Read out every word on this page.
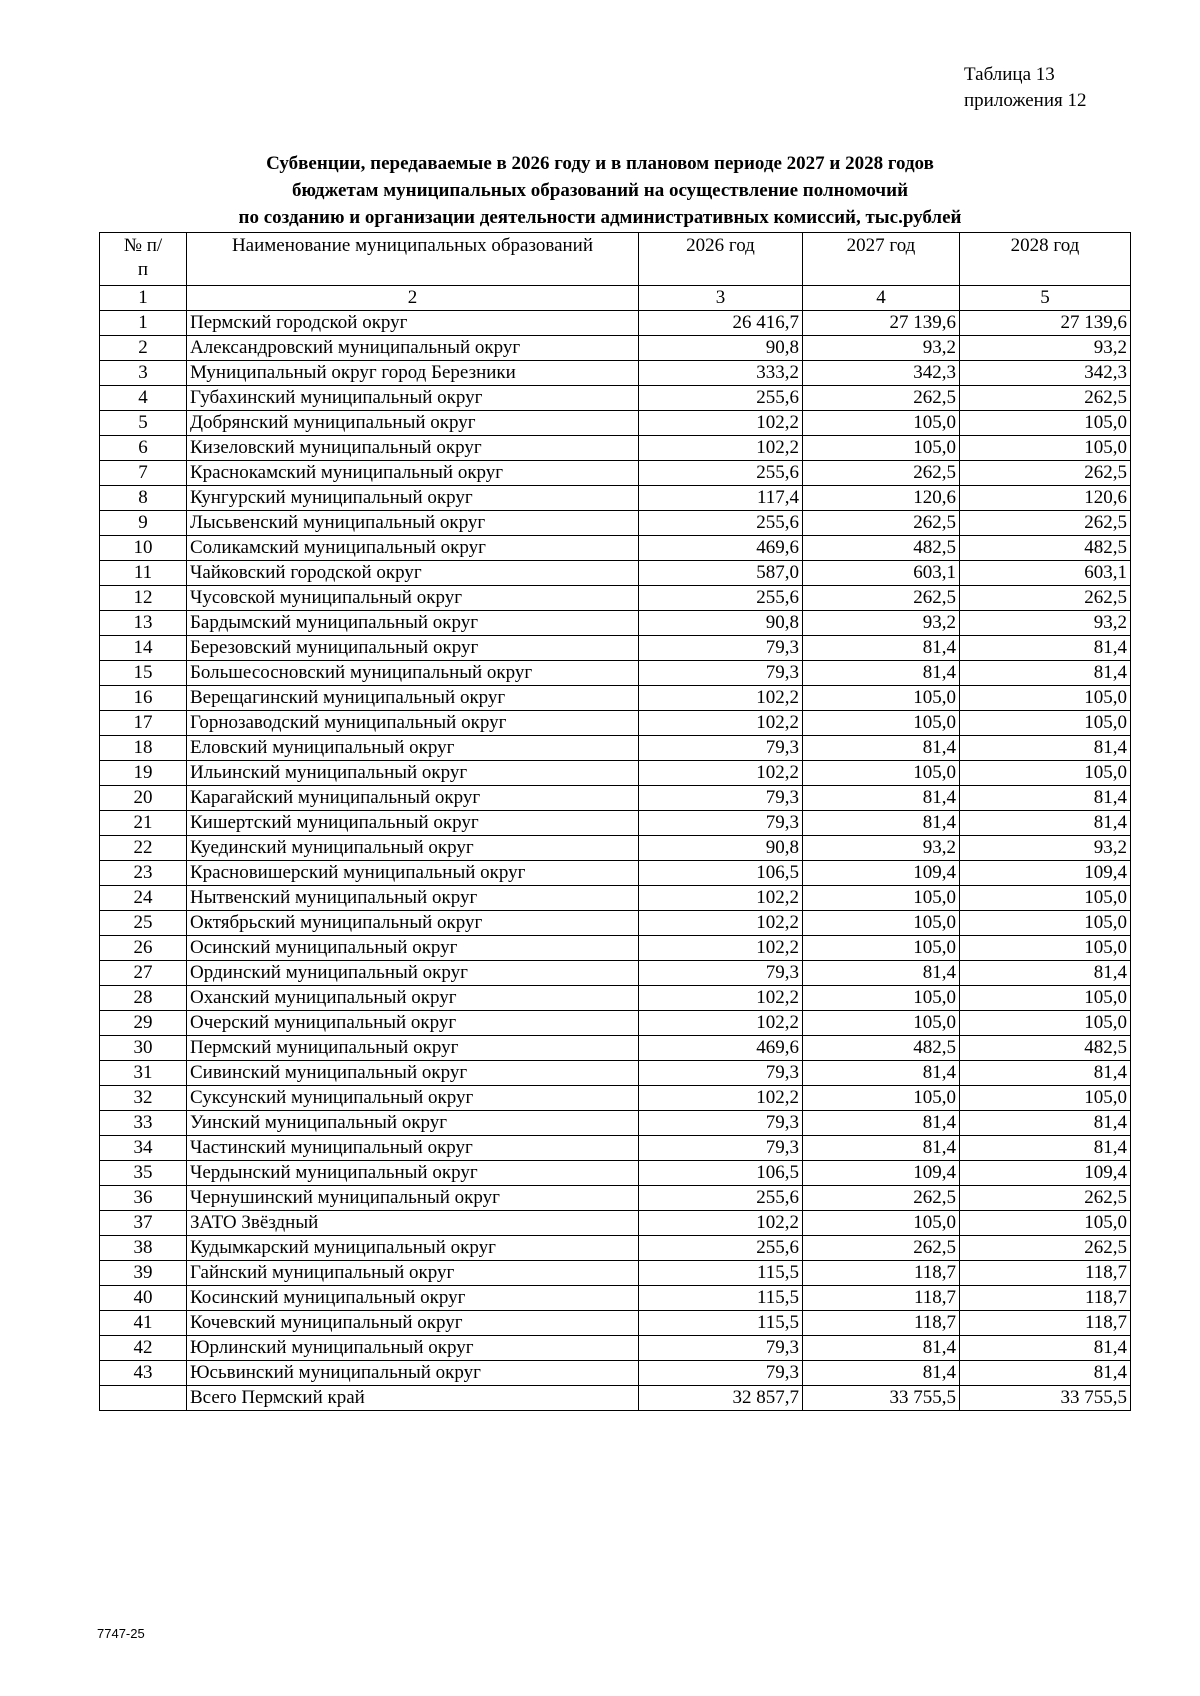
Таблица 13
приложения 12
Субвенции, передаваемые в 2026 году и в плановом периоде 2027 и 2028 годов
бюджетам муниципальных образований на осуществление полномочий
по созданию и организации деятельности административных комиссий, тыс.рублей
№ п/п	Наименование муниципальных образований	2026 год	2027 год	2028 год
1	2	3	4	5
1	Пермский городской округ	26 416,7	27 139,6	27 139,6
2	Александровский муниципальный округ	90,8	93,2	93,2
3	Муниципальный округ город Березники	333,2	342,3	342,3
4	Губахинский муниципальный округ	255,6	262,5	262,5
5	Добрянский муниципальный округ	102,2	105,0	105,0
6	Кизеловский муниципальный округ	102,2	105,0	105,0
7	Краснокамский муниципальный округ	255,6	262,5	262,5
8	Кунгурский муниципальный округ	117,4	120,6	120,6
9	Лысьвенский муниципальный округ	255,6	262,5	262,5
10	Соликамский муниципальный округ	469,6	482,5	482,5
11	Чайковский городской округ	587,0	603,1	603,1
12	Чусовской муниципальный округ	255,6	262,5	262,5
13	Бардымский муниципальный округ	90,8	93,2	93,2
14	Березовский муниципальный округ	79,3	81,4	81,4
15	Большесосновский муниципальный округ	79,3	81,4	81,4
16	Верещагинский муниципальный округ	102,2	105,0	105,0
17	Горнозаводский муниципальный округ	102,2	105,0	105,0
18	Еловский муниципальный округ	79,3	81,4	81,4
19	Ильинский муниципальный округ	102,2	105,0	105,0
20	Карагайский муниципальный округ	79,3	81,4	81,4
21	Кишертский муниципальный округ	79,3	81,4	81,4
22	Куединский муниципальный округ	90,8	93,2	93,2
23	Красновишерский муниципальный округ	106,5	109,4	109,4
24	Нытвенский муниципальный округ	102,2	105,0	105,0
25	Октябрьский муниципальный округ	102,2	105,0	105,0
26	Осинский муниципальный округ	102,2	105,0	105,0
27	Ординский муниципальный округ	79,3	81,4	81,4
28	Оханский муниципальный округ	102,2	105,0	105,0
29	Очерский муниципальный округ	102,2	105,0	105,0
30	Пермский муниципальный округ	469,6	482,5	482,5
31	Сивинский муниципальный округ	79,3	81,4	81,4
32	Суксунский муниципальный округ	102,2	105,0	105,0
33	Уинский муниципальный округ	79,3	81,4	81,4
34	Частинский муниципальный округ	79,3	81,4	81,4
35	Чердынский муниципальный округ	106,5	109,4	109,4
36	Чернушинский муниципальный округ	255,6	262,5	262,5
37	ЗАТО Звёздный	102,2	105,0	105,0
38	Кудымкарский муниципальный округ	255,6	262,5	262,5
39	Гайнский муниципальный округ	115,5	118,7	118,7
40	Косинский муниципальный округ	115,5	118,7	118,7
41	Кочевский муниципальный округ	115,5	118,7	118,7
42	Юрлинский муниципальный округ	79,3	81,4	81,4
43	Юсьвинский муниципальный округ	79,3	81,4	81,4
	Всего Пермский край	32 857,7	33 755,5	33 755,5
7747-25
